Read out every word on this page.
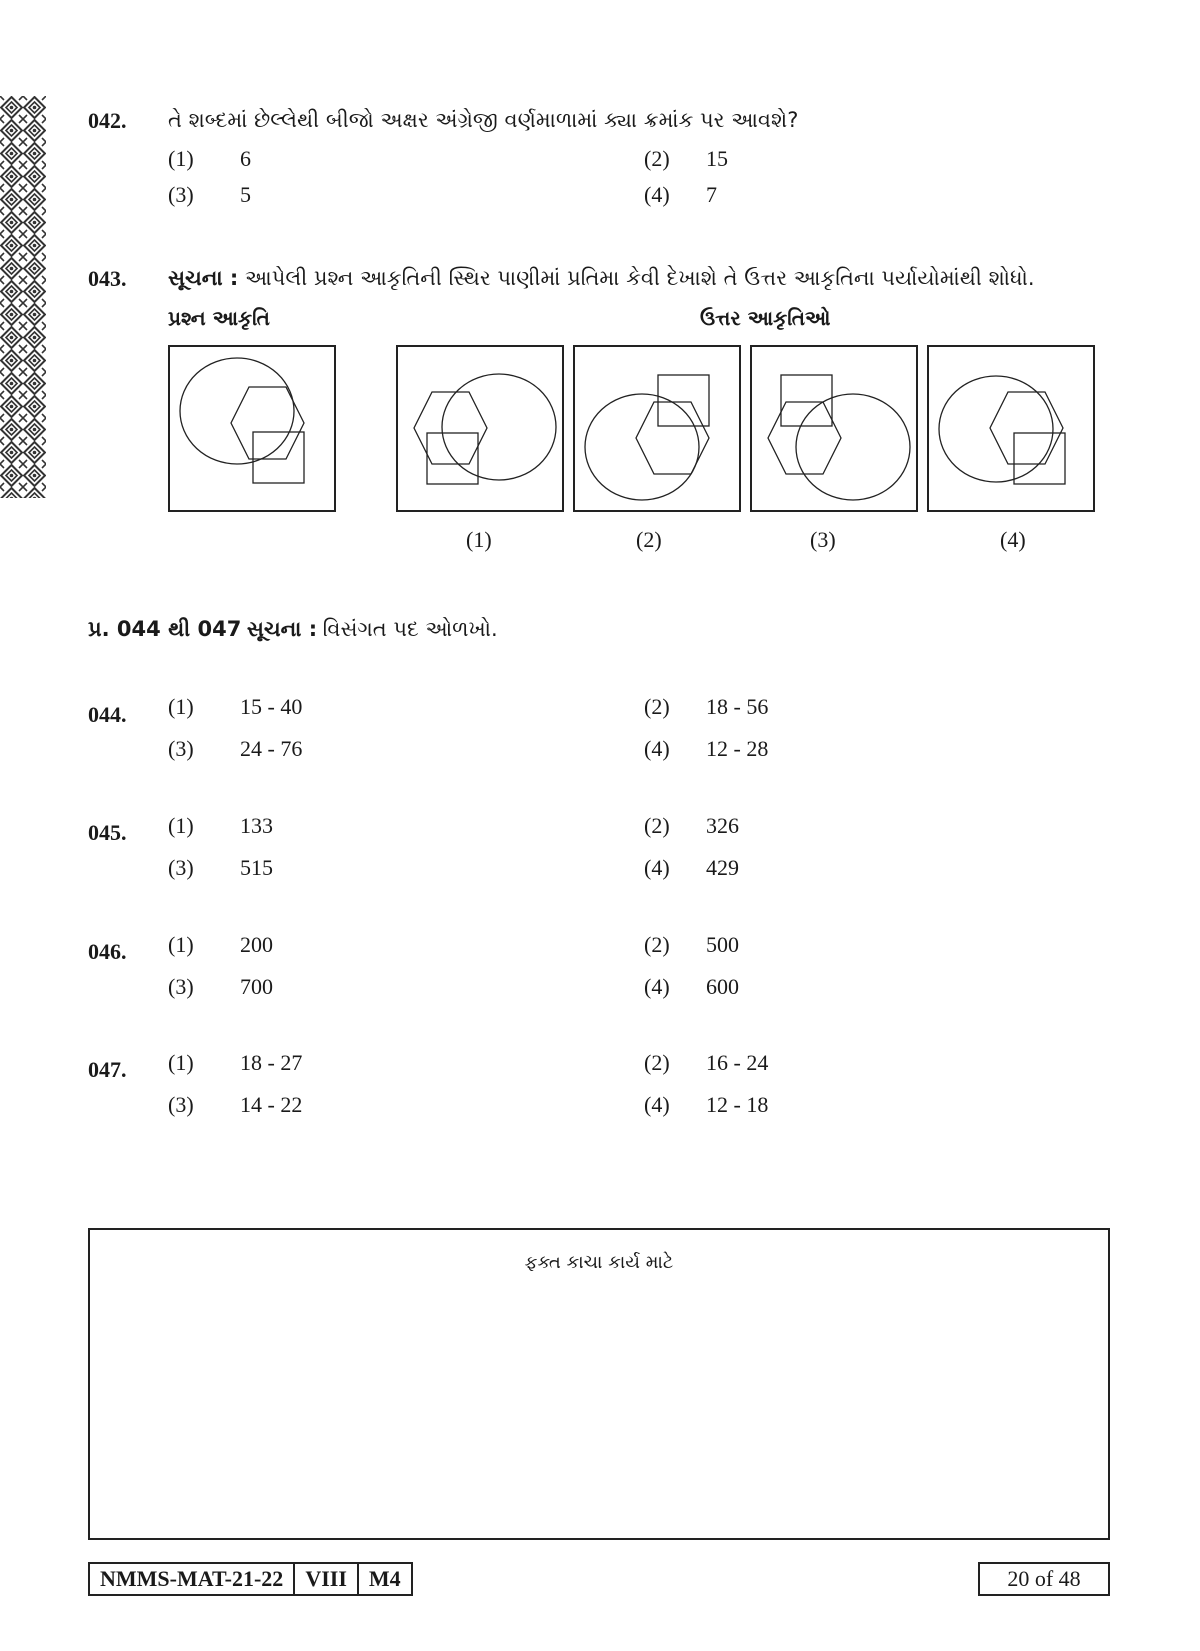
042. તે શબ્દમાં છેલ્લેથી બીજો અક્ષર અંગ્રેજી વર્ણમાળામાં ક્યા ક્રમાંક પર આવશે?
(1) 6	(2) 15
(3) 5	(4) 7
043. સૂચના : આપેલી પ્રશ્ન આકૃતિની સ્થિર પાણીમાં પ્રતિમા કેવી દેખાશે તે ઉત્તર આકૃતિના પર્યાયોમાંથી શોધો.
પ્રશ્ન આકૃતિ	ઉત્તર આકૃતિઓ
(1)	(2)	(3)	(4)
પ્ર. 044 થી 047 સૂચના : વિસંગત પદ ઓળખો.
044. (1) 15 - 40	(2) 18 - 56
(3) 24 - 76	(4) 12 - 28
045. (1) 133	(2) 326
(3) 515	(4) 429
046. (1) 200	(2) 500
(3) 700	(4) 600
047. (1) 18 - 27	(2) 16 - 24
(3) 14 - 22	(4) 12 - 18
ફક્ત કાચા કાર્ય માટે
NMMS-MAT-21-22	VIII	M4	20 of 48
